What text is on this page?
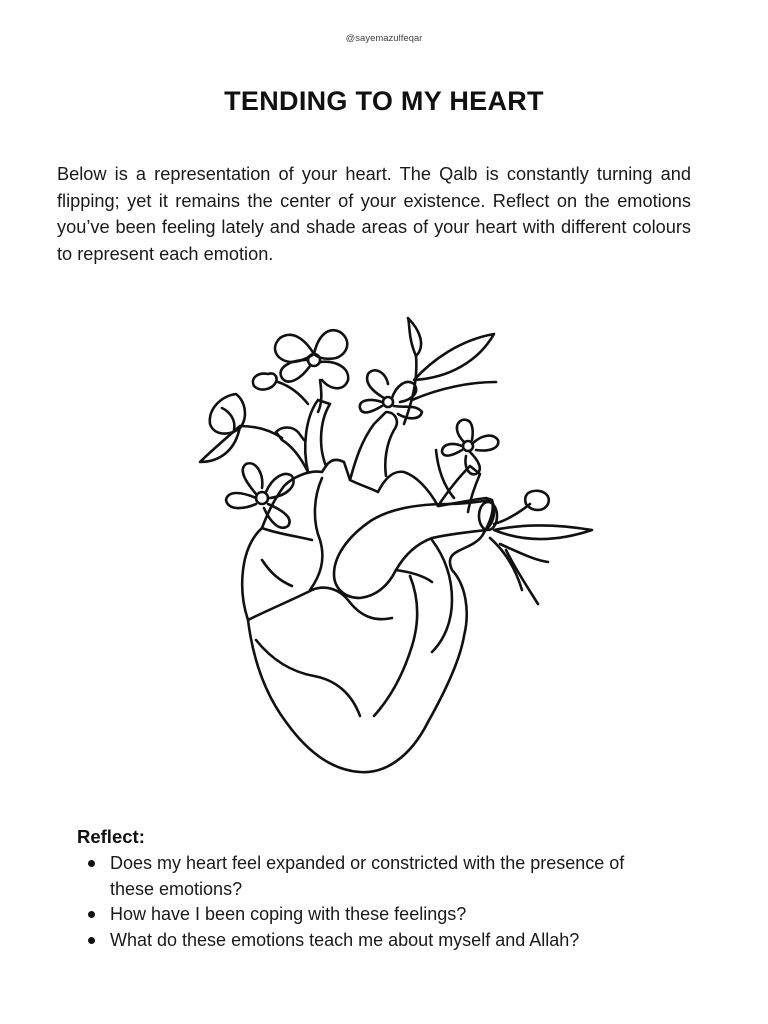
@sayemazulfeqar
TENDING TO MY HEART

Below is a representation of your heart. The Qalb is constantly turning and flipping; yet it remains the center of your existence. Reflect on the emotions you’ve been feeling lately and shade areas of your heart with different colours to represent each emotion.

Reflect:
Does my heart feel expanded or constricted with the presence of these emotions?
How have I been coping with these feelings?
What do these emotions teach me about myself and Allah?
